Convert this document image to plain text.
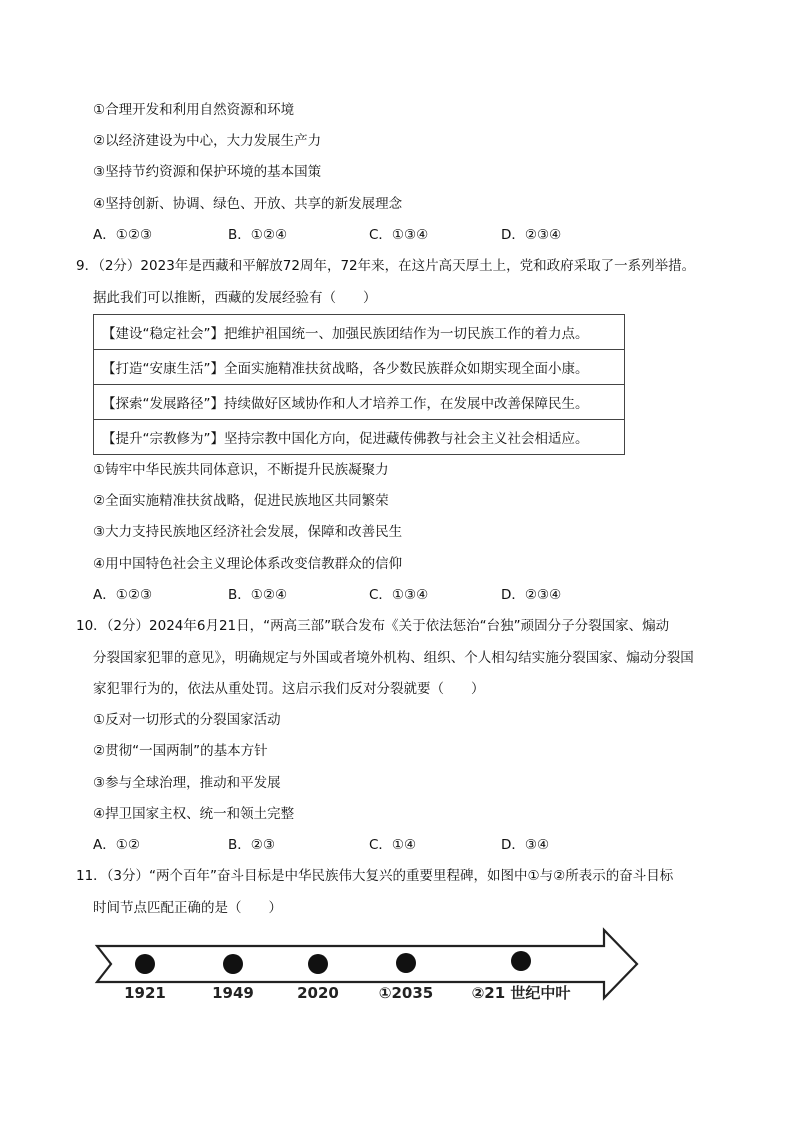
①合理开发和利用自然资源和环境
②以经济建设为中心，大力发展生产力
③坚持节约资源和保护环境的基本国策
④坚持创新、协调、绿色、开放、共享的新发展理念
A．①②③	B．①②④	C．①③④	D．②③④
9．（2分）2023年是西藏和平解放72周年，72年来，在这片高天厚土上，党和政府采取了一系列举措。
据此我们可以推断，西藏的发展经验有（　　）
【建设“稳定社会”】把维护祖国统一、加强民族团结作为一切民族工作的着力点。
【打造“安康生活”】全面实施精准扶贫战略，各少数民族群众如期实现全面小康。
【探索“发展路径”】持续做好区域协作和人才培养工作，在发展中改善保障民生。
【提升“宗教修为”】坚持宗教中国化方向，促进藏传佛教与社会主义社会相适应。
①铸牢中华民族共同体意识，不断提升民族凝聚力
②全面实施精准扶贫战略，促进民族地区共同繁荣
③大力支持民族地区经济社会发展，保障和改善民生
④用中国特色社会主义理论体系改变信教群众的信仰
A．①②③	B．①②④	C．①③④	D．②③④
10．（2分）2024年6月21日，“两高三部”联合发布《关于依法惩治“台独”顽固分子分裂国家、煽动
分裂国家犯罪的意见》，明确规定与外国或者境外机构、组织、个人相勾结实施分裂国家、煽动分裂国
家犯罪行为的，依法从重处罚。这启示我们反对分裂就要（　　）
①反对一切形式的分裂国家活动
②贯彻“一国两制”的基本方针
③参与全球治理，推动和平发展
④捍卫国家主权、统一和领土完整
A．①②	B．②③	C．①④	D．③④
11．（3分）“两个百年”奋斗目标是中华民族伟大复兴的重要里程碑，如图中①与②所表示的奋斗目标
时间节点匹配正确的是（　　）
1921	1949	2020	①2035	②21 世纪中叶
